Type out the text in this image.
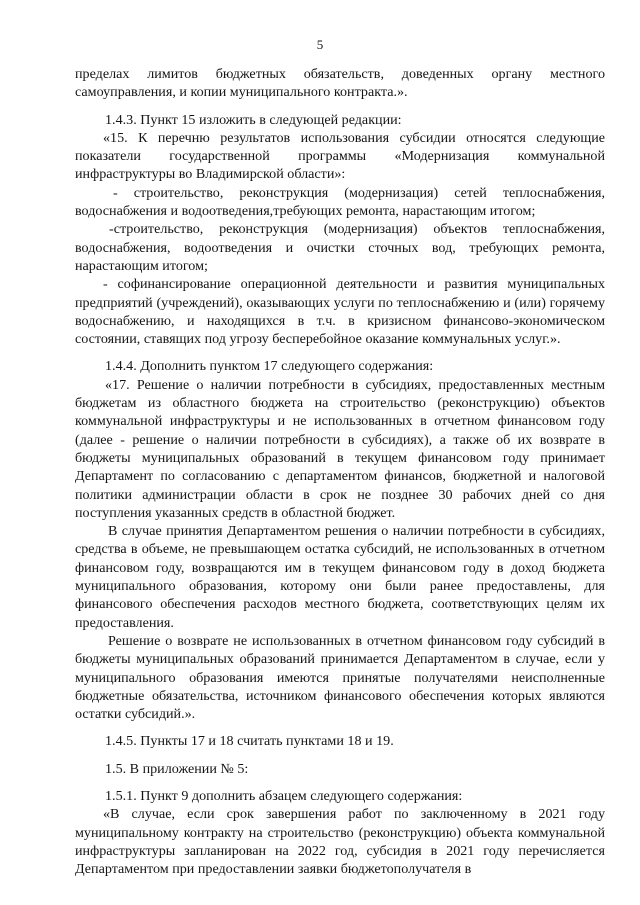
5

пределах лимитов бюджетных обязательств, доведенных органу местного самоуправления, и копии муниципального контракта.».

1.4.3. Пункт 15 изложить в следующей редакции:

«15. К перечню результатов использования субсидии относятся следующие показатели государственной программы «Модернизация коммунальной инфраструктуры во Владимирской области»:

- строительство, реконструкция (модернизация) сетей теплоснабжения, водоснабжения и водоотведения,требующих ремонта, нарастающим итогом;

-строительство, реконструкция (модернизация) объектов теплоснабжения, водоснабжения, водоотведения и очистки сточных вод, требующих ремонта, нарастающим итогом;

- софинансирование операционной деятельности и развития муниципальных предприятий (учреждений), оказывающих услуги по теплоснабжению и (или) горячему водоснабжению, и находящихся в т.ч. в кризисном финансово-экономическом состоянии, ставящих под угрозу бесперебойное оказание коммунальных услуг.».

1.4.4. Дополнить пунктом 17 следующего содержания:

«17. Решение о наличии потребности в субсидиях, предоставленных местным бюджетам из областного бюджета на строительство (реконструкцию) объектов коммунальной инфраструктуры и не использованных в отчетном финансовом году (далее - решение о наличии потребности в субсидиях), а также об их возврате в бюджеты муниципальных образований в текущем финансовом году принимает Департамент по согласованию с департаментом финансов, бюджетной и налоговой политики администрации области в срок не позднее 30 рабочих дней со дня поступления указанных средств в областной бюджет.

В случае принятия Департаментом решения о наличии потребности в субсидиях, средства в объеме, не превышающем остатка субсидий, не использованных в отчетном финансовом году, возвращаются им в текущем финансовом году в доход бюджета муниципального образования, которому они были ранее предоставлены, для финансового обеспечения расходов местного бюджета, соответствующих целям их предоставления.

Решение о возврате не использованных в отчетном финансовом году субсидий в бюджеты муниципальных образований принимается Департаментом в случае, если у муниципального образования имеются принятые получателями неисполненные бюджетные обязательства, источником финансового обеспечения которых являются остатки субсидий.».

1.4.5. Пункты 17 и 18 считать пунктами 18 и 19.

1.5. В приложении № 5:

1.5.1. Пункт 9 дополнить абзацем следующего содержания:

«В случае, если срок завершения работ по заключенному в 2021 году муниципальному контракту на строительство (реконструкцию) объекта коммунальной инфраструктуры запланирован на 2022 год, субсидия в 2021 году перечисляется Департаментом при предоставлении заявки бюджетополучателя в
